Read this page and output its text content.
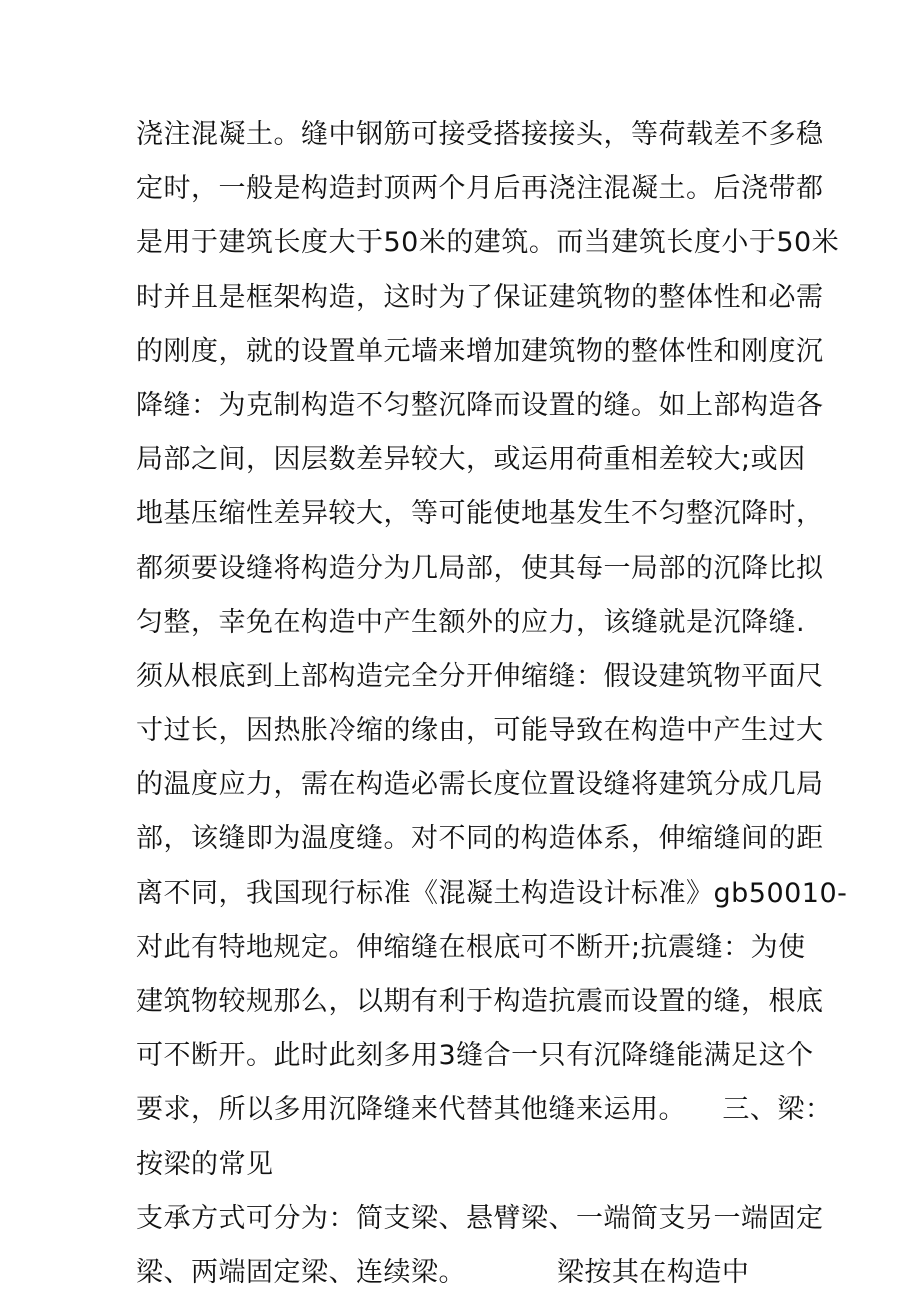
浇注混凝土。缝中钢筋可接受搭接接头，等荷载差不多稳
定时，一般是构造封顶两个月后再浇注混凝土。后浇带都
是用于建筑长度大于50米的建筑。而当建筑长度小于50米
时并且是框架构造，这时为了保证建筑物的整体性和必需
的刚度，就的设置单元墙来增加建筑物的整体性和刚度沉
降缝：为克制构造不匀整沉降而设置的缝。如上部构造各
局部之间，因层数差异较大，或运用荷重相差较大;或因
地基压缩性差异较大，等可能使地基发生不匀整沉降时，
都须要设缝将构造分为几局部，使其每一局部的沉降比拟
匀整，幸免在构造中产生额外的应力，该缝就是沉降缝.
须从根底到上部构造完全分开伸缩缝：假设建筑物平面尺
寸过长，因热胀冷缩的缘由，可能导致在构造中产生过大
的温度应力，需在构造必需长度位置设缝将建筑分成几局
部，该缝即为温度缝。对不同的构造体系，伸缩缝间的距
离不同，我国现行标准《混凝土构造设计标准》gb50010-
对此有特地规定。伸缩缝在根底可不断开;抗震缝：为使
建筑物较规那么，以期有利于构造抗震而设置的缝，根底
可不断开。此时此刻多用3缝合一只有沉降缝能满足这个
要求，所以多用沉降缝来代替其他缝来运用。    三、梁：
按梁的常见
支承方式可分为：简支梁、悬臂梁、一端简支另一端固定
梁、两端固定梁、连续梁。          梁按其在构造中
